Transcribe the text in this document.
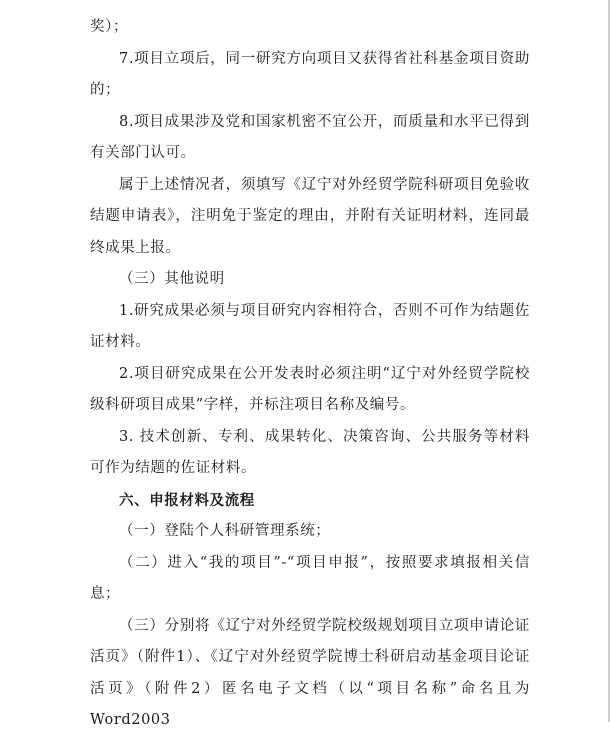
奖）；

7.项目立项后，同一研究方向项目又获得省社科基金项目资助的；

8.项目成果涉及党和国家机密不宜公开，而质量和水平已得到有关部门认可。

属于上述情况者，须填写《辽宁对外经贸学院科研项目免验收结题申请表》，注明免于鉴定的理由，并附有关证明材料，连同最终成果上报。

（三）其他说明

1.研究成果必须与项目研究内容相符合，否则不可作为结题佐证材料。

2.项目研究成果在公开发表时必须注明“辽宁对外经贸学院校级科研项目成果”字样，并标注项目名称及编号。

3. 技术创新、专利、成果转化、决策咨询、公共服务等材料可作为结题的佐证材料。

六、申报材料及流程

（一）登陆个人科研管理系统；

（二）进入“我的项目”-“项目申报”，按照要求填报相关信息；

（三）分别将《辽宁对外经贸学院校级规划项目立项申请论证活页》（附件1）、《辽宁对外经贸学院博士科研启动基金项目论证活页》（附件2）匿名电子文档（以“项目名称”命名且为Word2003
